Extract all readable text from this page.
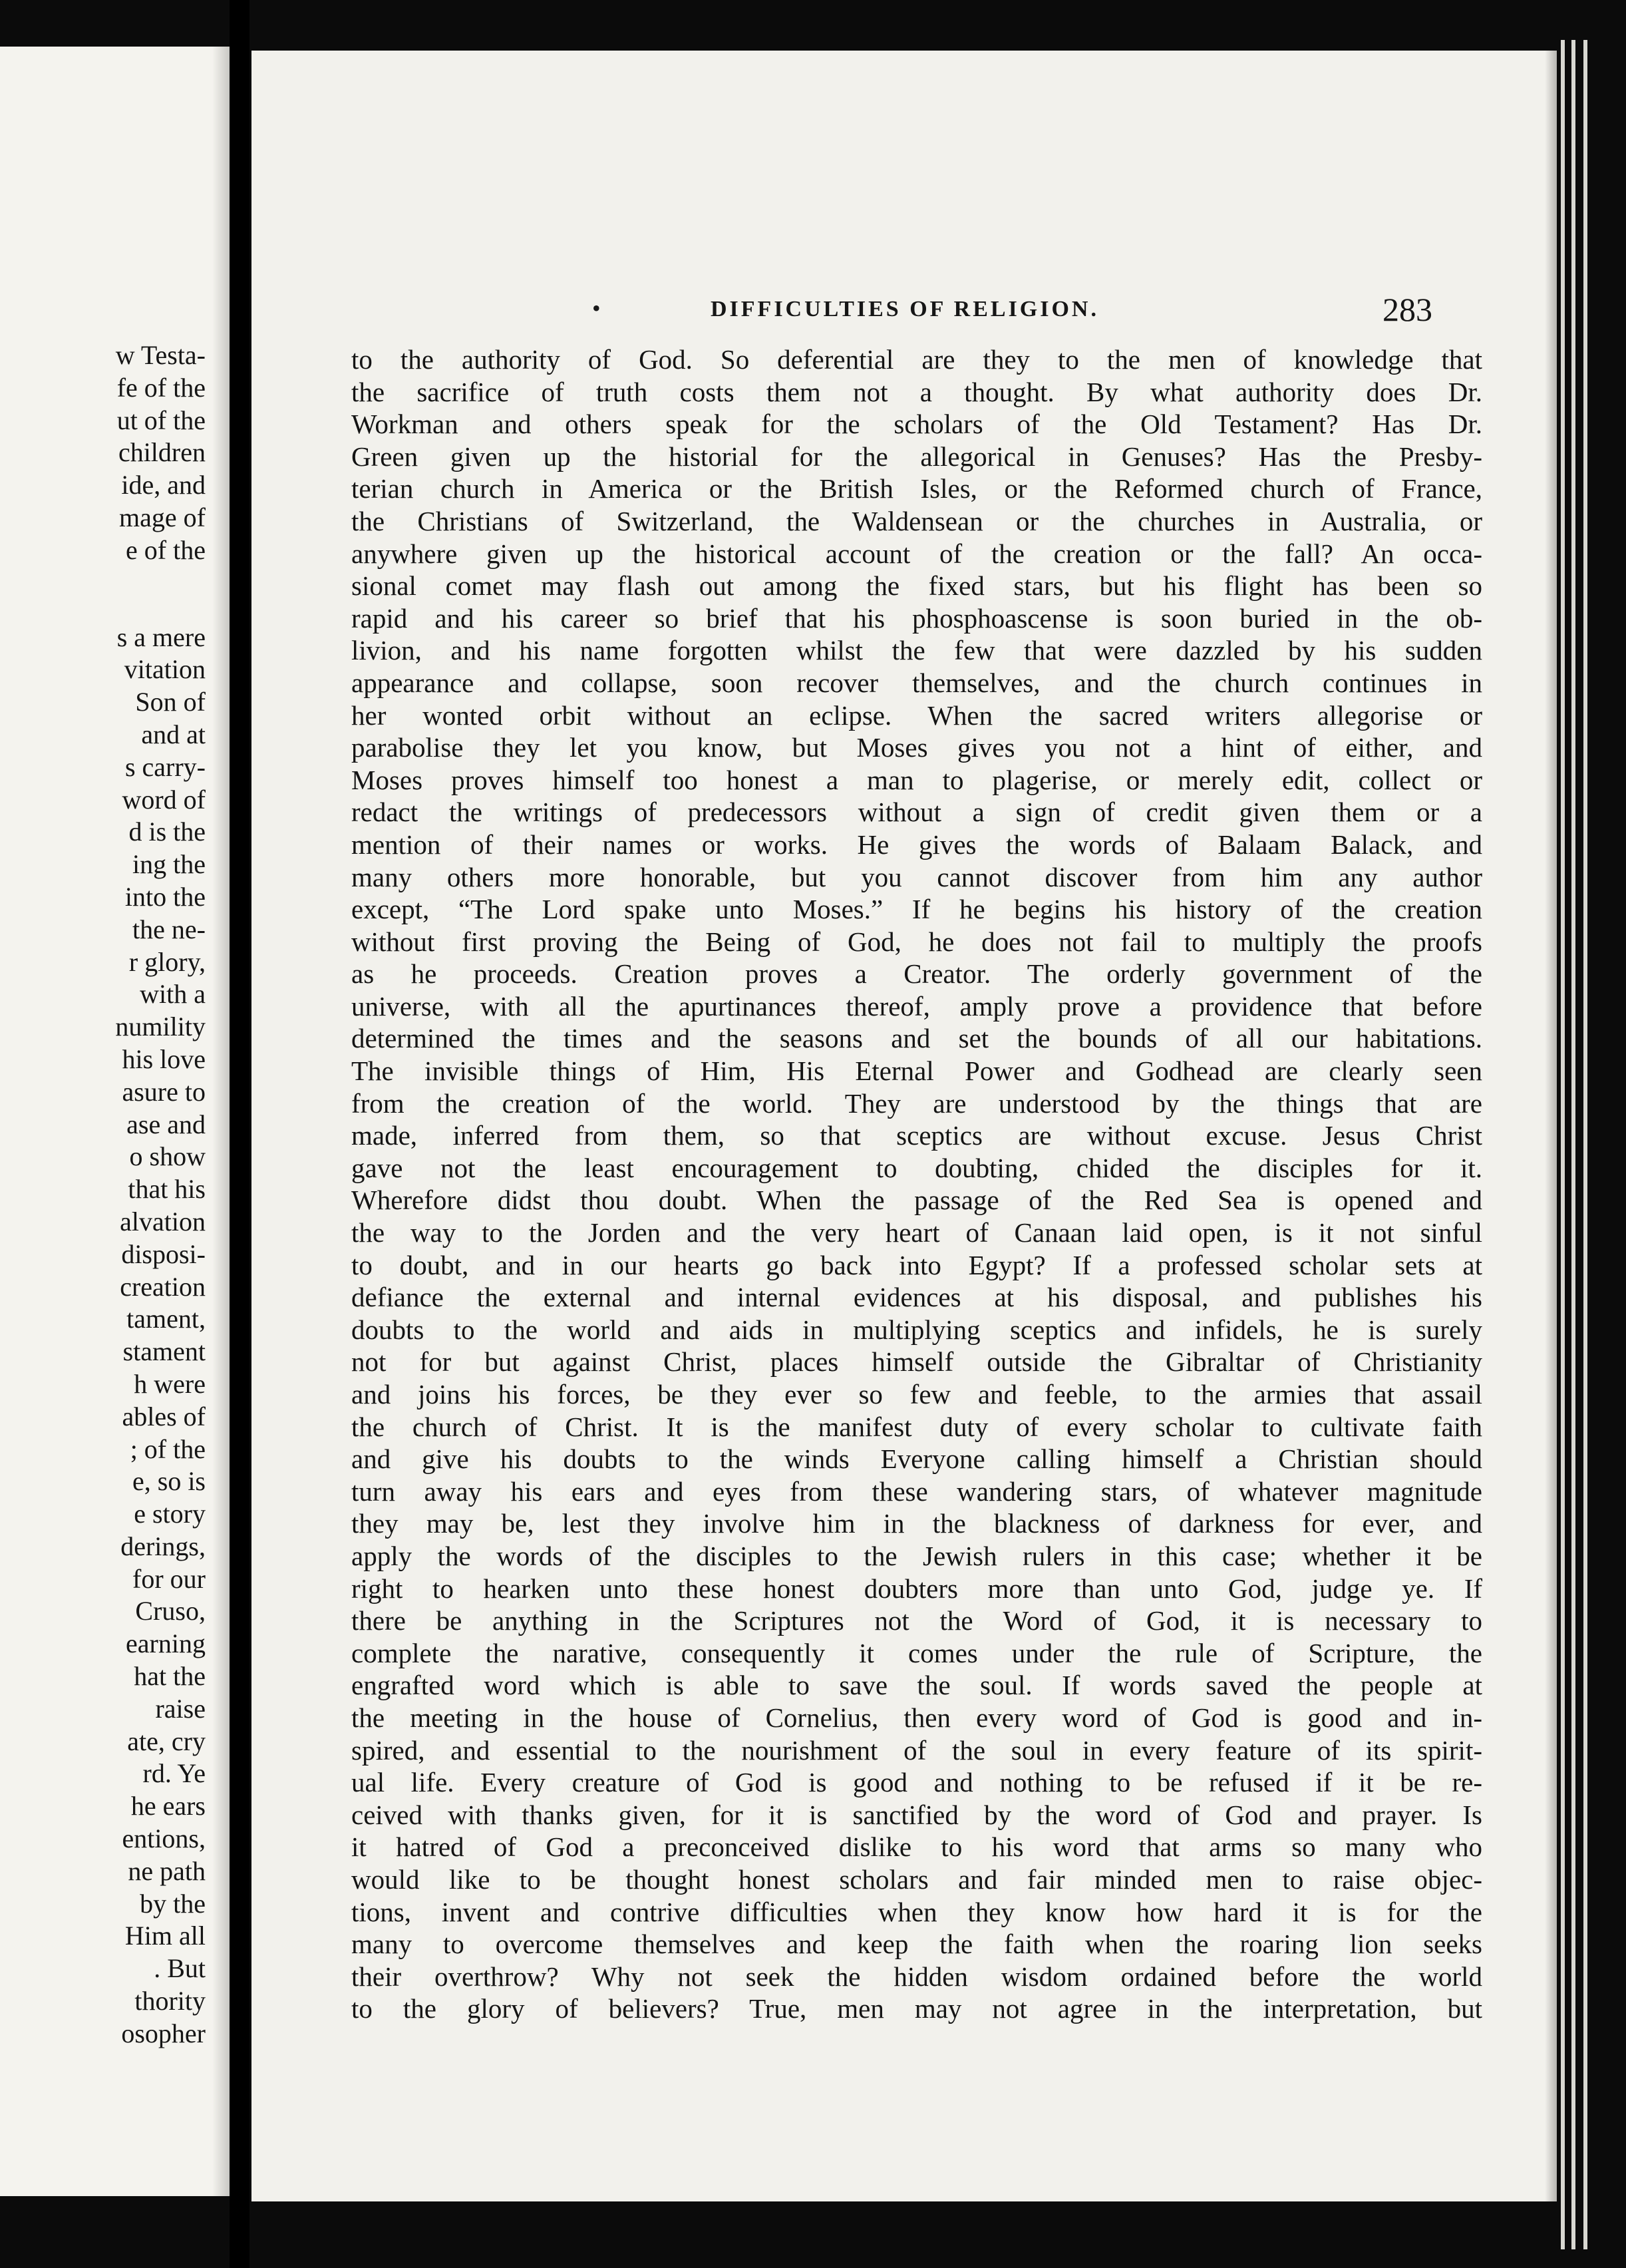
w Testa-
fe of the
ut of the
children
ide, and
mage of
e of the
s a mere
vitation
Son of
and at
s carry-
word of
d is the
ing the
into the
the ne-
r glory,
with a
numility
his love
asure to
ase and
o show
that his
alvation
disposi-
creation
tament,
stament
h were
ables of
; of the
e, so is
e story
derings,
for our
Cruso,
earning
hat the
raise
ate, cry
rd. Ye
he ears
entions,
ne path
by the
Him all
. But
thority
osopher
•	DIFFICULTIES OF RELIGION.	283
to the authority of God. So deferential are they to the men of knowledge that
the sacrifice of truth costs them not a thought. By what authority does Dr.
Workman and others speak for the scholars of the Old Testament? Has Dr.
Green given up the historial for the allegorical in Genuses? Has the Presby-
terian church in America or the British Isles, or the Reformed church of France,
the Christians of Switzerland, the Waldensean or the churches in Australia, or
anywhere given up the historical account of the creation or the fall? An occa-
sional comet may flash out among the fixed stars, but his flight has been so
rapid and his career so brief that his phosphoascense is soon buried in the ob-
livion, and his name forgotten whilst the few that were dazzled by his sudden
appearance and collapse, soon recover themselves, and the church continues in
her wonted orbit without an eclipse. When the sacred writers allegorise or
parabolise they let you know, but Moses gives you not a hint of either, and
Moses proves himself too honest a man to plagerise, or merely edit, collect or
redact the writings of predecessors without a sign of credit given them or a
mention of their names or works. He gives the words of Balaam Balack, and
many others more honorable, but you cannot discover from him any author
except, “The Lord spake unto Moses.” If he begins his history of the creation
without first proving the Being of God, he does not fail to multiply the proofs
as he proceeds. Creation proves a Creator. The orderly government of the
universe, with all the apurtinances thereof, amply prove a providence that before
determined the times and the seasons and set the bounds of all our habitations.
The invisible things of Him, His Eternal Power and Godhead are clearly seen
from the creation of the world. They are understood by the things that are
made, inferred from them, so that sceptics are without excuse. Jesus Christ
gave not the least encouragement to doubting, chided the disciples for it.
Wherefore didst thou doubt. When the passage of the Red Sea is opened and
the way to the Jorden and the very heart of Canaan laid open, is it not sinful
to doubt, and in our hearts go back into Egypt? If a professed scholar sets at
defiance the external and internal evidences at his disposal, and publishes his
doubts to the world and aids in multiplying sceptics and infidels, he is surely
not for but against Christ, places himself outside the Gibraltar of Christianity
and joins his forces, be they ever so few and feeble, to the armies that assail
the church of Christ. It is the manifest duty of every scholar to cultivate faith
and give his doubts to the winds Everyone calling himself a Christian should
turn away his ears and eyes from these wandering stars, of whatever magnitude
they may be, lest they involve him in the blackness of darkness for ever, and
apply the words of the disciples to the Jewish rulers in this case; whether it be
right to hearken unto these honest doubters more than unto God, judge ye. If
there be anything in the Scriptures not the Word of God, it is necessary to
complete the narative, consequently it comes under the rule of Scripture, the
engrafted word which is able to save the soul. If words saved the people at
the meeting in the house of Cornelius, then every word of God is good and in-
spired, and essential to the nourishment of the soul in every feature of its spirit-
ual life. Every creature of God is good and nothing to be refused if it be re-
ceived with thanks given, for it is sanctified by the word of God and prayer. Is
it hatred of God a preconceived dislike to his word that arms so many who
would like to be thought honest scholars and fair minded men to raise objec-
tions, invent and contrive difficulties when they know how hard it is for the
many to overcome themselves and keep the faith when the roaring lion seeks
their overthrow? Why not seek the hidden wisdom ordained before the world
to the glory of believers? True, men may not agree in the interpretation, but
